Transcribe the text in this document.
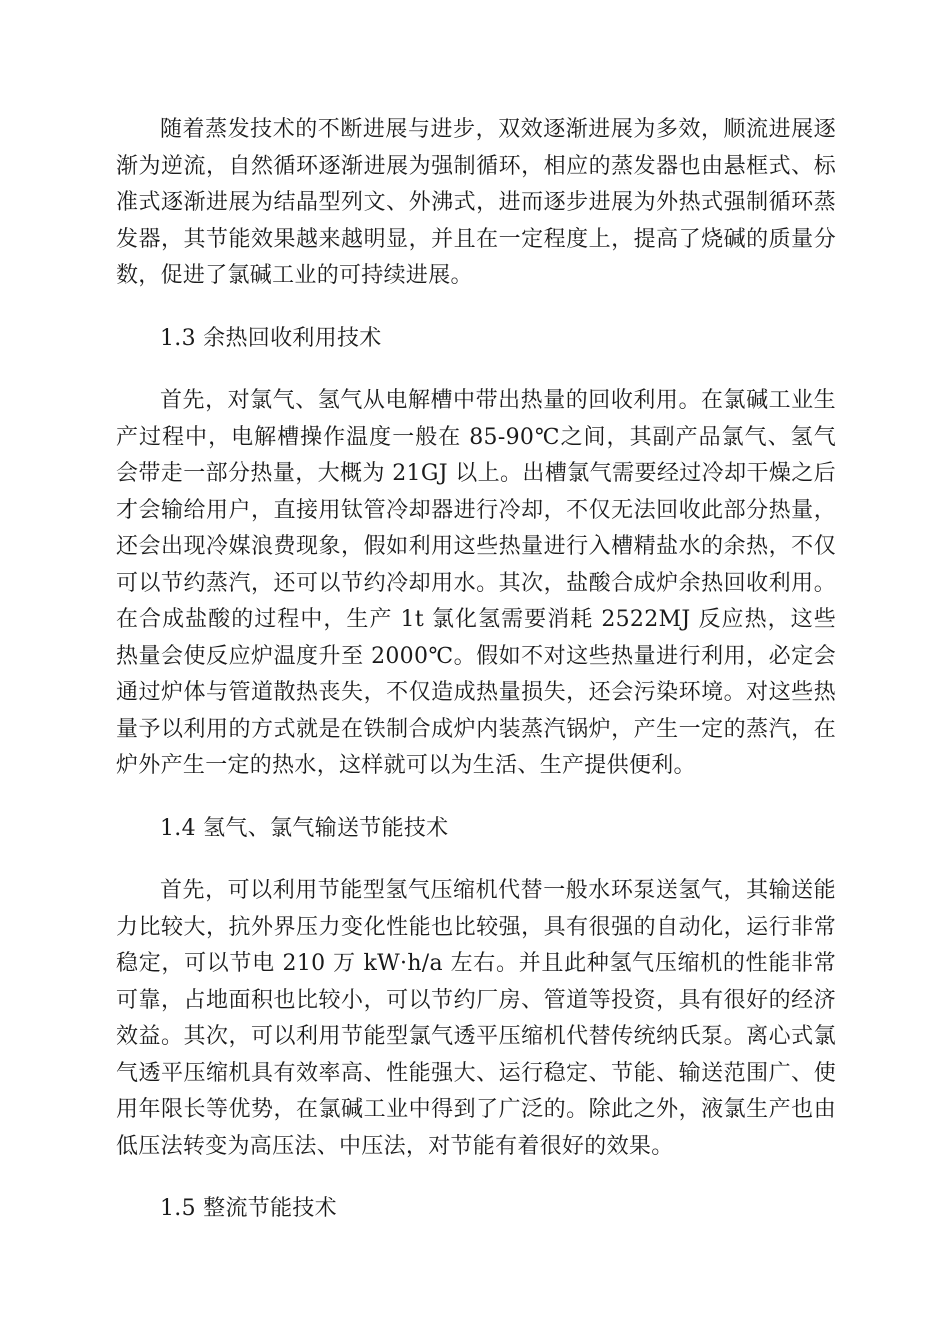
随着蒸发技术的不断进展与进步，双效逐渐进展为多效，顺流进展逐渐为逆流，自然循环逐渐进展为强制循环，相应的蒸发器也由悬框式、标准式逐渐进展为结晶型列文、外沸式，进而逐步进展为外热式强制循环蒸发器，其节能效果越来越明显，并且在一定程度上，提高了烧碱的质量分数，促进了氯碱工业的可持续进展。

1.3 余热回收利用技术

首先，对氯气、氢气从电解槽中带出热量的回收利用。在氯碱工业生产过程中，电解槽操作温度一般在 85-90℃之间，其副产品氯气、氢气会带走一部分热量，大概为 21GJ 以上。出槽氯气需要经过冷却干燥之后才会输给用户，直接用钛管冷却器进行冷却，不仅无法回收此部分热量，还会出现冷媒浪费现象，假如利用这些热量进行入槽精盐水的余热，不仅可以节约蒸汽，还可以节约冷却用水。其次，盐酸合成炉余热回收利用。在合成盐酸的过程中，生产 1t 氯化氢需要消耗 2522MJ 反应热，这些热量会使反应炉温度升至 2000℃。假如不对这些热量进行利用，必定会通过炉体与管道散热丧失，不仅造成热量损失，还会污染环境。对这些热量予以利用的方式就是在铁制合成炉内装蒸汽锅炉，产生一定的蒸汽，在炉外产生一定的热水，这样就可以为生活、生产提供便利。

1.4 氢气、氯气输送节能技术

首先，可以利用节能型氢气压缩机代替一般水环泵送氢气，其输送能力比较大，抗外界压力变化性能也比较强，具有很强的自动化，运行非常稳定，可以节电 210 万 kW·h/a 左右。并且此种氢气压缩机的性能非常可靠，占地面积也比较小，可以节约厂房、管道等投资，具有很好的经济效益。其次，可以利用节能型氯气透平压缩机代替传统纳氏泵。离心式氯气透平压缩机具有效率高、性能强大、运行稳定、节能、输送范围广、使用年限长等优势，在氯碱工业中得到了广泛的。除此之外，液氯生产也由低压法转变为高压法、中压法，对节能有着很好的效果。

1.5 整流节能技术
